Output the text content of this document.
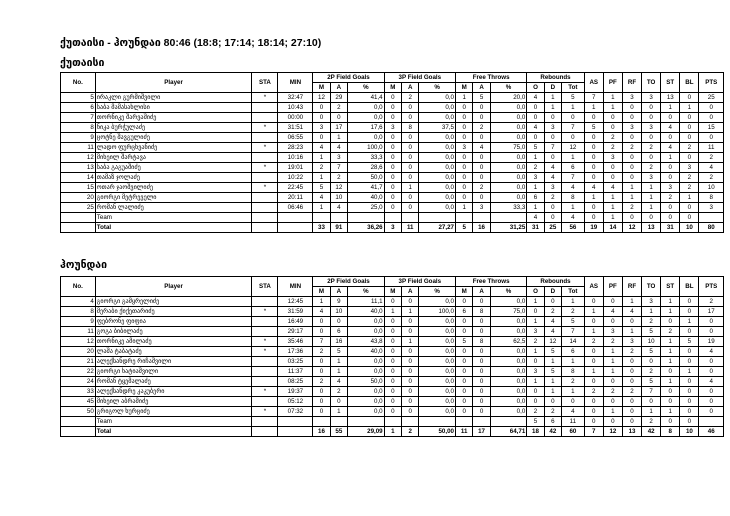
ქუთაისი - ჰოუნდაი 80:46 (18:8; 17:14; 18:14; 27:10)
ქუთაისი
No.	Player	STA	MIN	2P Field Goals			3P Field Goals			Free Throws			Rebounds			AS	PF	RF	TO	ST	BL	PTS
				M	A	%	M	A	%	M	A	%	O	D	Tot							
5	ირაკლი გურმიშვილი	*	32:47	12	29	41,4	0	2	0,0	1	5	20,0	4	1	5	7	1	3	3	13	0	25
6	საბა მამასახლისი		10:43	0	2	0,0	0	0	0,0	0	0	0,0	0	1	1	1	1	0	0	1	1	0
7	თორნიკე შარვაშიძე		00:00	0	0	0,0	0	0	0,0	0	0	0,0	0	0	0	0	0	0	0	0	0	0
8	ნიკა ბურჭულაძე	*	31:51	3	17	17,6	3	8	37,5	0	2	0,0	4	3	7	5	0	3	3	4	0	15
9	ცოტნე შავგულიძე		06:55	0	1	0,0	0	0	0,0	0	0	0,0	0	0	0	0	2	0	0	0	0	0
11	ლადო ფურცხვანიძე	*	28:23	4	4	100,0	0	0	0,0	3	4	75,0	5	7	12	0	2	2	2	4	2	11
12	მიხეილ შარტავა		10:16	1	3	33,3	0	0	0,0	0	0	0,0	1	0	1	0	3	0	0	1	0	2
13	საბა გაგუაშიძე	*	19:01	2	7	28,6	0	0	0,0	0	0	0,0	2	4	6	0	0	0	2	0	3	4
14	თამაზ ჯოლაძე		10:22	1	2	50,0	0	0	0,0	0	0	0,0	3	4	7	0	0	0	3	0	2	2
15	ოთარ ჯაოშვილიძე	*	22:45	5	12	41,7	0	1	0,0	0	2	0,0	1	3	4	4	4	1	1	3	2	10
20	გიორგი მეტრეველი		20:11	4	10	40,0	0	0	0,0	0	0	0,0	6	2	8	1	1	1	1	2	1	8
25	რომან ლალიძე		06:46	1	4	25,0	0	0	0,0	1	3	33,3	1	0	1	0	1	2	1	0	0	3
	Team												4	0	4	0	1	0	0	0	0	
	Total			33	91	36,26	3	11	27,27	5	16	31,25	31	25	56	19	14	12	13	31	10	80
ჰოუნდაი
No.	Player	STA	MIN	2P Field Goals			3P Field Goals			Free Throws			Rebounds			AS	PF	RF	TO	ST	BL	PTS
				M	A	%	M	A	%	M	A	%	O	D	Tot							
4	გიორგი გამყრელიძე		12:45	1	9	11,1	0	0	0,0	0	0	0,0	1	0	1	0	0	1	3	1	0	2
8	მერაბი ქიქეთარიძე	*	31:59	4	10	40,0	1	1	100,0	6	8	75,0	0	2	2	1	4	4	1	1	0	17
9	ფებრონე ფიფია		16:49	0	0	0,0	0	0	0,0	0	0	0,0	1	4	5	0	0	0	2	0	1	0
11	გოგა ბიბილაძე		29:17	0	6	0,0	0	0	0,0	0	0	0,0	3	4	7	1	3	1	5	2	0	0
12	თორნიკე ამილაძე	*	35:46	7	16	43,8	0	1	0,0	5	8	62,5	2	12	14	2	2	3	10	1	5	19
20	ლაშა ტაბატაძე	*	17:36	2	5	40,0	0	0	0,0	0	0	0,0	1	5	6	0	1	2	5	1	0	4
21	ალექსანდრე რიჩაშვილი		03:25	0	1	0,0	0	0	0,0	0	0	0,0	0	1	1	0	1	0	0	1	0	0
22	გიორგი ხატიაშვილი		11:37	0	1	0,0	0	0	0,0	0	0	0,0	3	5	8	1	1	0	2	0	1	0
24	რომან ტყემალაძე		08:25	2	4	50,0	0	0	0,0	0	0	0,0	1	1	2	0	0	0	5	1	0	4
33	ალექსანდრე კაკუბერი	*	19:37	0	2	0,0	0	0	0,0	0	0	0,0	0	1	1	2	2	2	7	0	0	0
45	მიხეილ აბრამიძე		05:12	0	0	0,0	0	0	0,0	0	0	0,0	0	0	0	0	0	0	0	0	0	0
50	გრიგოლ ხურციძე	*	07:32	0	1	0,0	0	0	0,0	0	0	0,0	2	2	4	0	1	0	1	1	0	0
	Team												5	6	11	0	0	0	2	0	0	
	Total			16	55	29,09	1	2	50,00	11	17	64,71	18	42	60	7	12	13	42	8	10	46
